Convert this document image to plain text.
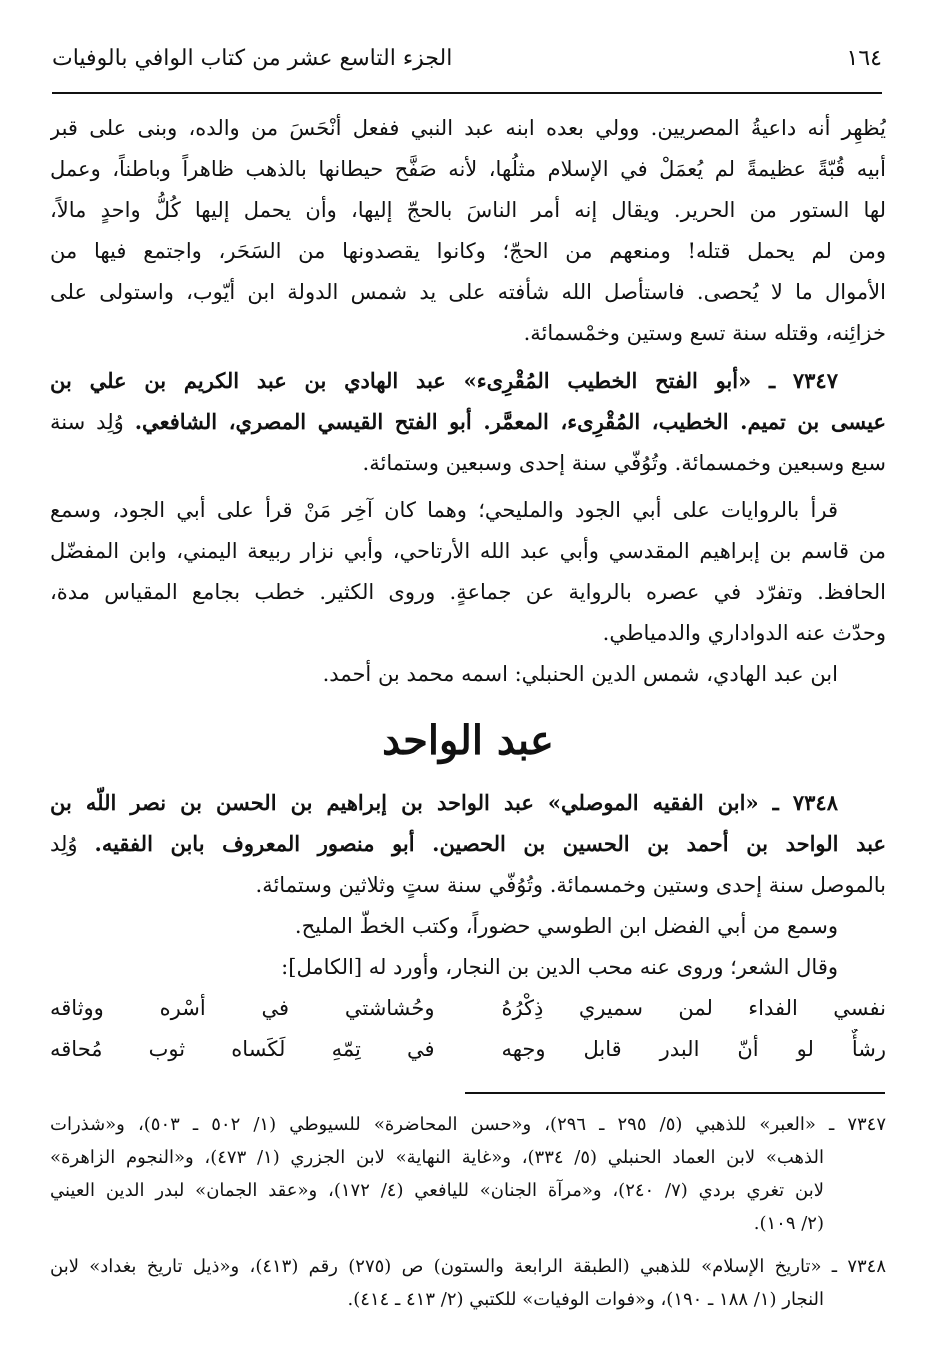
١٦٤
الجزء التاسع عشر من كتاب الوافي بالوفيات

يُظهِر أنه داعيةُ المصريين. وولي بعده ابنه عبد النبي ففعل أنْحَسَ من والده، وبنى على قبر
أبيه قُبّةً عظيمةً لم يُعمَلْ في الإسلام مثلُها، لأنه صَفَّح حيطانها بالذهب ظاهراً وباطناً، وعمل
لها الستور من الحرير. ويقال إنه أمر الناسَ بالحجّ إليها، وأن يحمل إليها كُلُّ واحدٍ مالاً،
ومن لم يحمل قتله! ومنعهم من الحجّ؛ وكانوا يقصدونها من السَحَر، واجتمع فيها من
الأموال ما لا يُحصى. فاستأصل الله شأفته على يد شمس الدولة ابن أيّوب، واستولى على
خزائِنه، وقتله سنة تسع وستين وخمْسمائة.

٧٣٤٧ ـ «أبو الفتح الخطيب المُقْرِىء» عبد الهادي بن عبد الكريم بن علي بن
عيسى بن تميم. الخطيب، المُقْرِىء، المعمَّر. أبو الفتح القيسي المصري، الشافعي. وُلِد سنة
سبع وسبعين وخمسمائة. وتُوُفّي سنة إحدى وسبعين وستمائة.

قرأ بالروايات على أبي الجود والمليحي؛ وهما كان آخِر مَنْ قرأ على أبي الجود، وسمع
من قاسم بن إبراهيم المقدسي وأبي عبد الله الأرتاحي، وأبي نزار ربيعة اليمني، وابن المفضّل
الحافظ. وتفرّد في عصره بالرواية عن جماعةٍ. وروى الكثير. خطب بجامع المقياس مدة،
وحدّث عنه الدواداري والدمياطي.

ابن عبد الهادي، شمس الدين الحنبلي: اسمه محمد بن أحمد.

عبد الواحد

٧٣٤٨ ـ «ابن الفقيه الموصلي» عبد الواحد بن إبراهيم بن الحسن بن نصر اللّه بن
عبد الواحد بن أحمد بن الحسين بن الحصين. أبو منصور المعروف بابن الفقيه. وُلِد
بالموصل سنة إحدى وستين وخمسمائة. وتُوُفّي سنة ستٍ وثلاثين وستمائة.

وسمع من أبي الفضل ابن الطوسي حضوراً، وكتب الخطّ المليح.
وقال الشعر؛ وروى عنه محب الدين بن النجار، وأورد له [الكامل]:

نفسي الفداء لمن سميري ذِكْرُهُ
وحُشاشتي في أسْره ووثاقه
رشأٌ لو أنّ البدر قابل وجهه
في تِمّهِ لَكَساه ثوب مُحاقه
٧٣٤٧ ـ «العبر» للذهبي (٥/ ٢٩٥ ـ ٢٩٦)، و«حسن المحاضرة» للسيوطي (١/ ٥٠٢ ـ ٥٠٣)، و«شذرات
الذهب» لابن العماد الحنبلي (٥/ ٣٣٤)، و«غاية النهاية» لابن الجزري (١/ ٤٧٣)، و«النجوم الزاهرة»
لابن تغري بردي (٧/ ٢٤٠)، و«مرآة الجنان» لليافعي (٤/ ١٧٢)، و«عقد الجمان» لبدر الدين العيني
(٢/ ١٠٩).
٧٣٤٨ ـ «تاريخ الإسلام» للذهبي (الطبقة الرابعة والستون) ص (٢٧٥) رقم (٤١٣)، و«ذيل تاريخ بغداد» لابن
النجار (١/ ١٨٨ ـ ١٩٠)، و«فوات الوفيات» للكتبي (٢/ ٤١٣ ـ ٤١٤).
